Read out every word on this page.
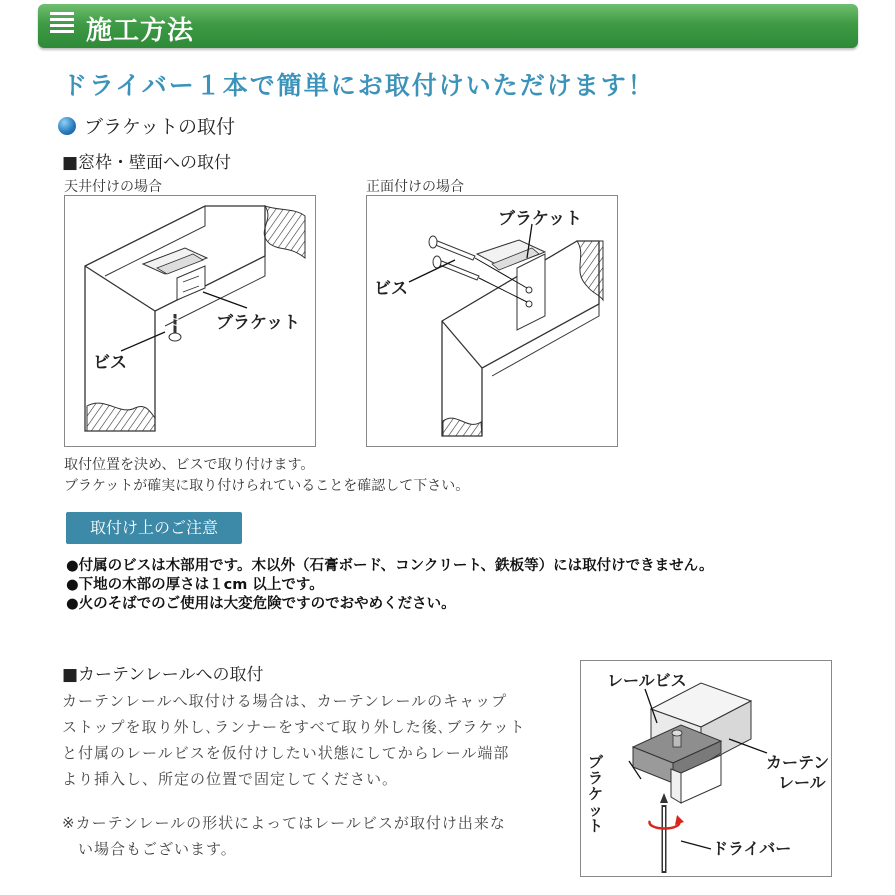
施工方法
ドライバー１本で簡単にお取付けいただけます！
ブラケットの取付
■窓枠・壁面への取付
天井付けの場合	正面付けの場合
ブラケット
ビス
ブラケット
ビス
取付位置を決め、ビスで取り付けます。
ブラケットが確実に取り付けられていることを確認して下さい。
取付け上のご注意
●付属のビスは木部用です。木以外（石膏ボード、コンクリート、鉄板等）には取付けできません。
●下地の木部の厚さは１cm 以上です。
●火のそばでのご使用は大変危険ですのでおやめください。
■カーテンレールへの取付
カーテンレールへ取付ける場合は、カーテンレールのキャップ
ストップを取り外し､ランナーをすべて取り外した後､ブラケット
と付属のレールビスを仮付けしたい状態にしてからレール端部
より挿入し、所定の位置で固定してください。
※カーテンレールの形状によってはレールビスが取付け出来な
い場合もございます。
レールビス
カーテン
レール
ブラケット
ドライバー
